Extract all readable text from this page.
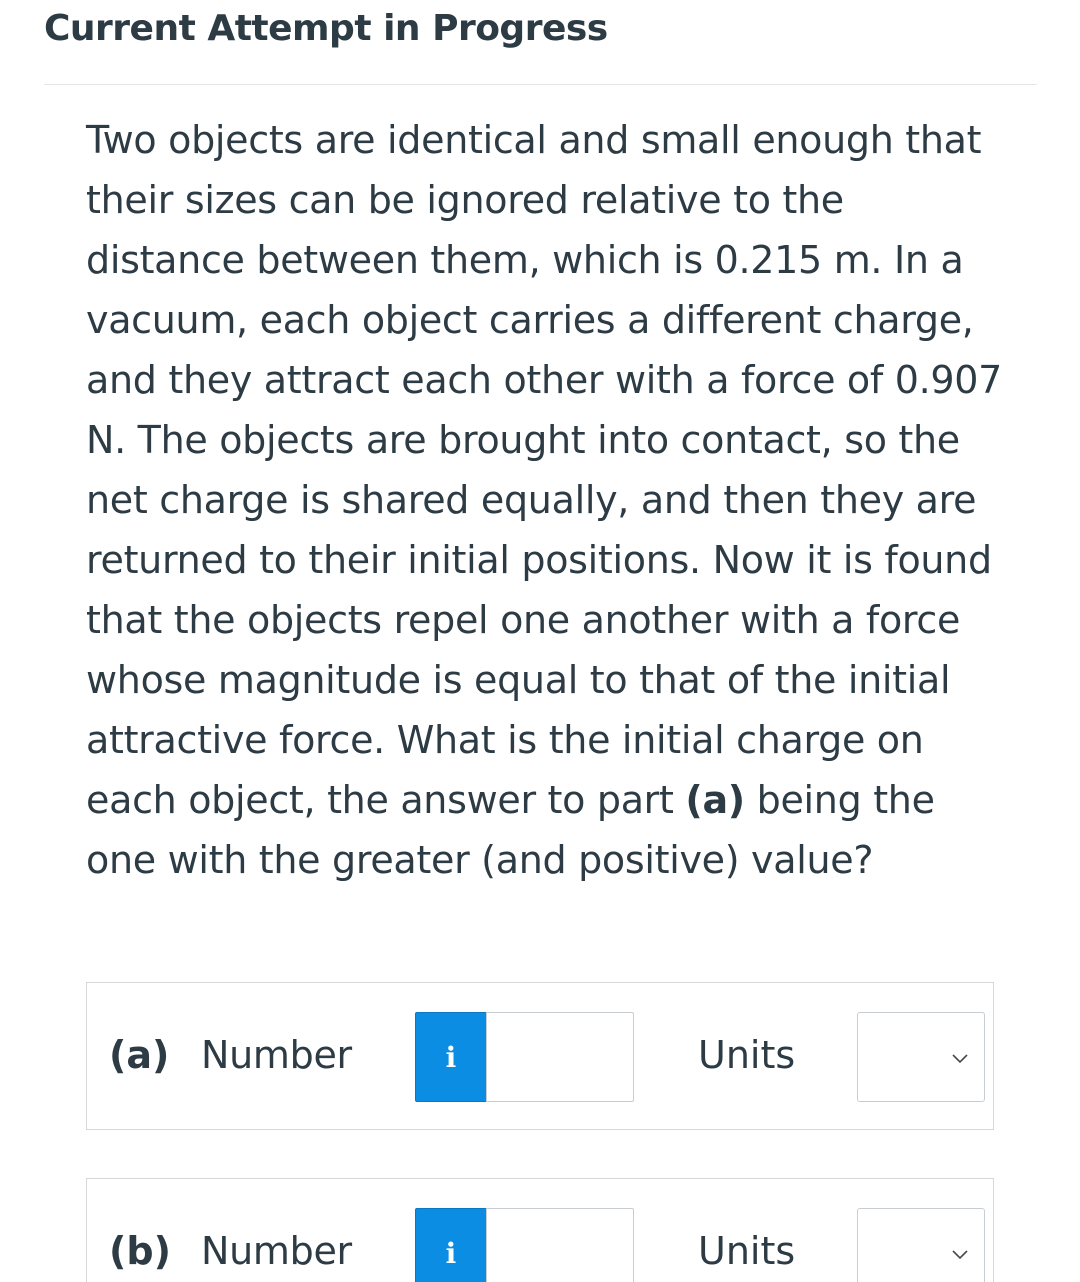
Current Attempt in Progress

Two objects are identical and small enough that their sizes can be ignored relative to the distance between them, which is 0.215 m. In a vacuum, each object carries a different charge, and they attract each other with a force of 0.907 N. The objects are brought into contact, so the net charge is shared equally, and then they are returned to their initial positions. Now it is found that the objects repel one another with a force whose magnitude is equal to that of the initial attractive force. What is the initial charge on each object, the answer to part (a) being the one with the greater (and positive) value?

(a) Number	i	Units
(b) Number	i	Units
